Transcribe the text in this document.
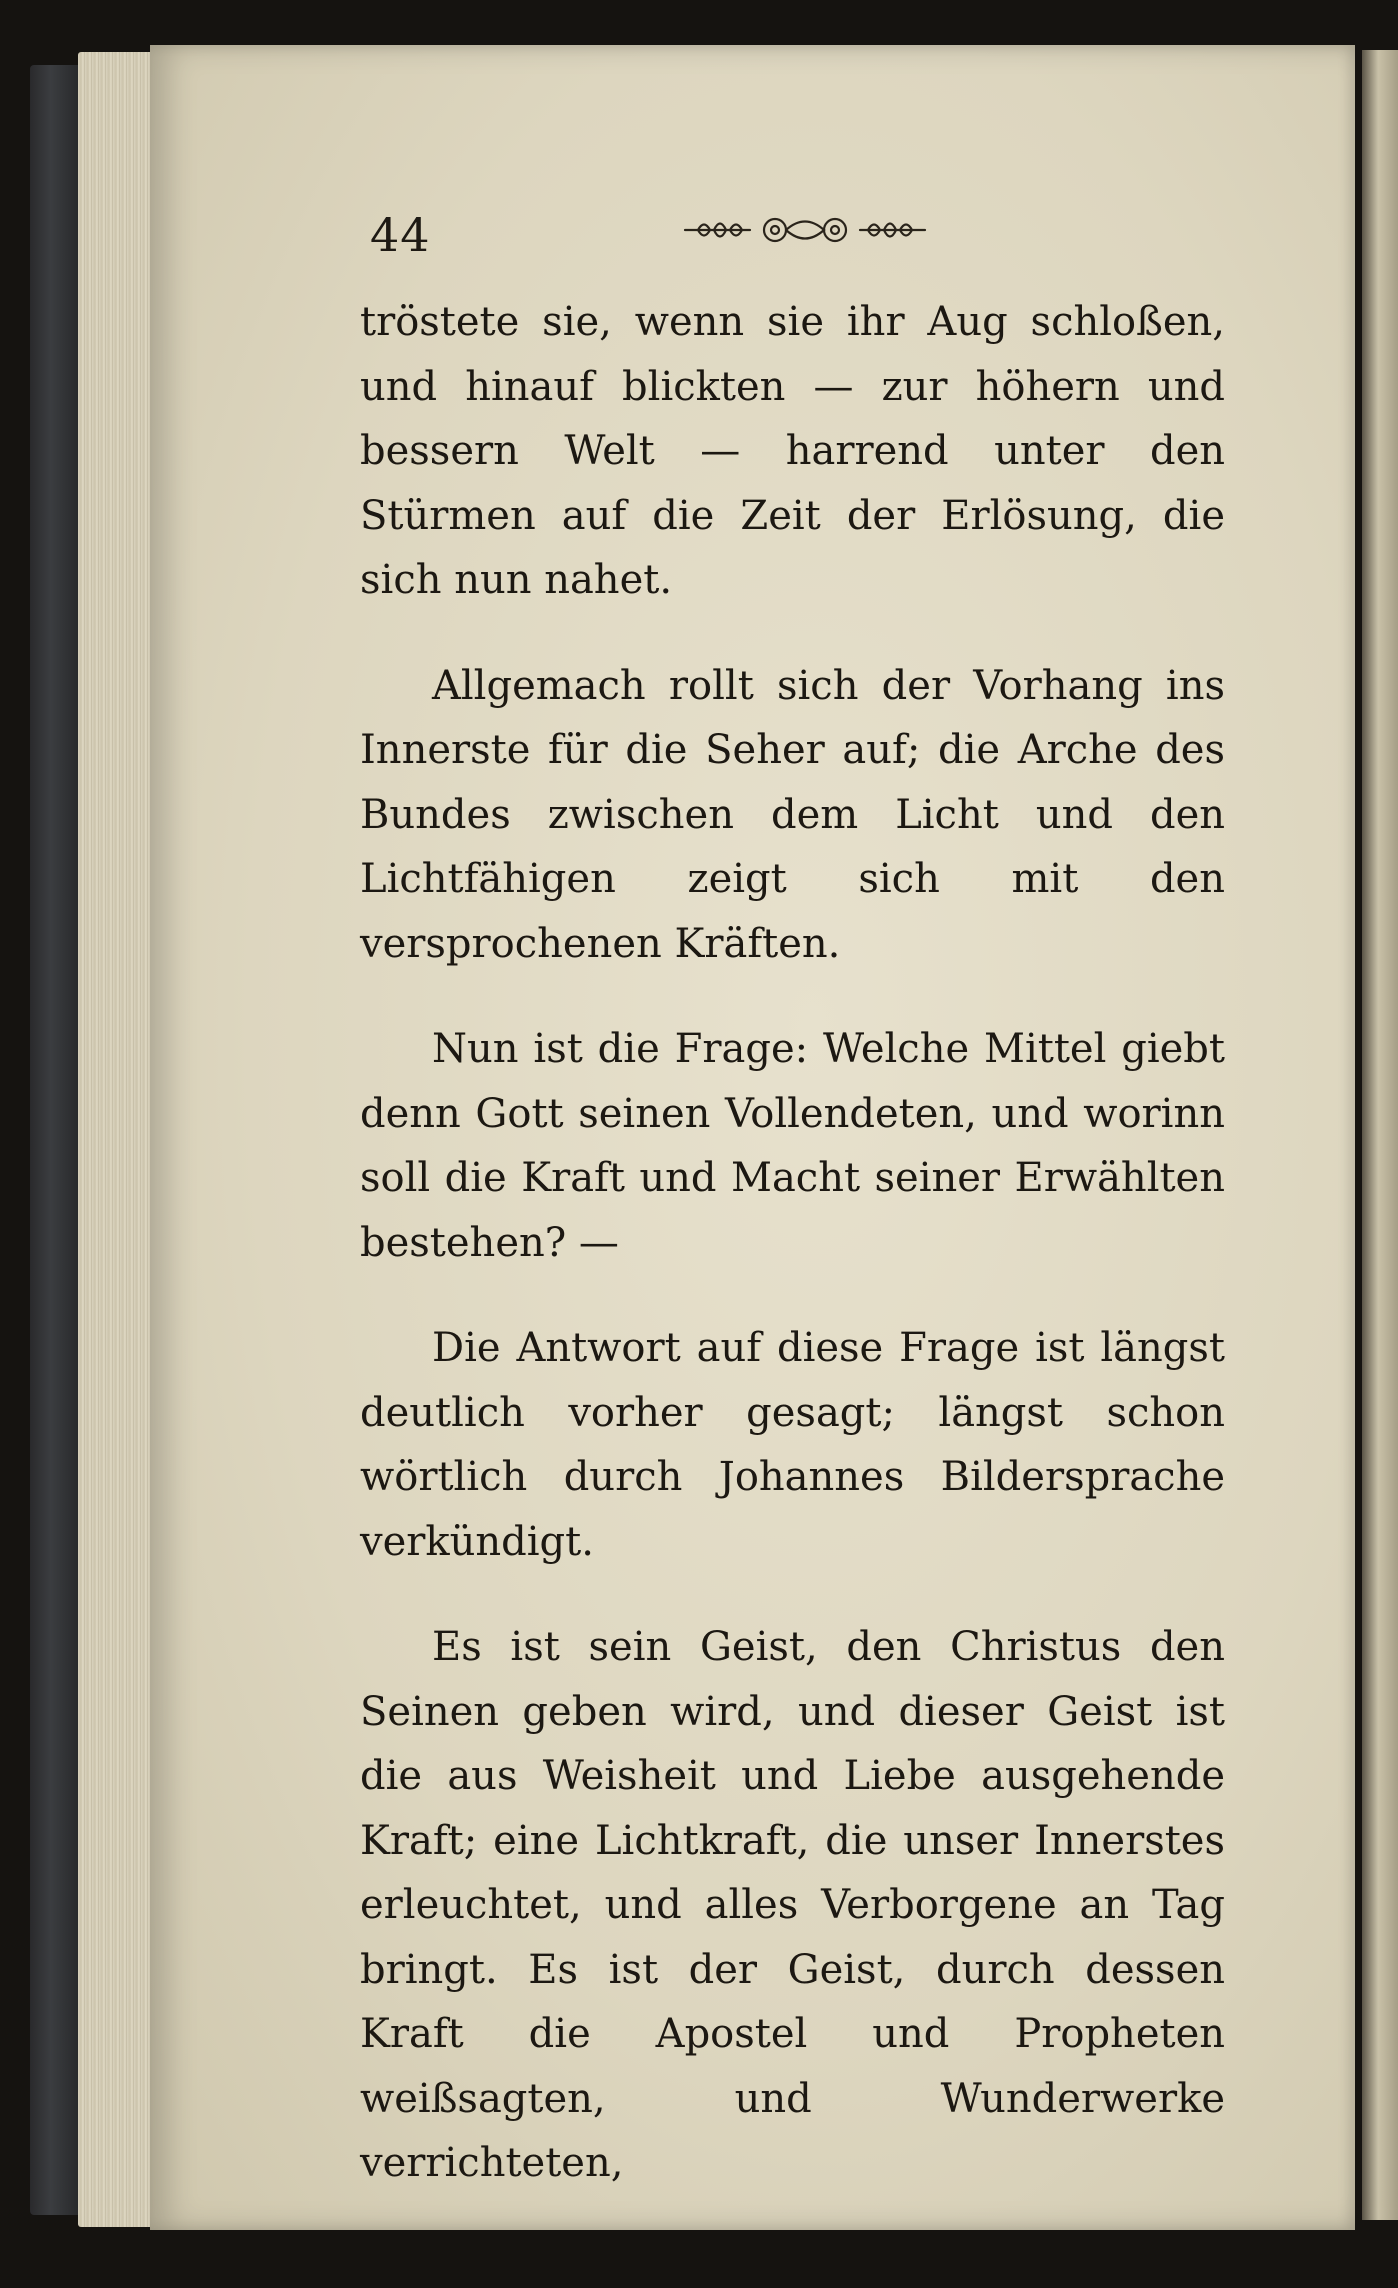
44

tröstete sie, wenn sie ihr Aug schloßen, und hinauf blickten — zur höhern und bessern Welt — harrend unter den Stürmen auf die Zeit der Erlösung, die sich nun nahet.

Allgemach rollt sich der Vorhang ins Innerste für die Seher auf; die Arche des Bundes zwischen dem Licht und den Lichtfähigen zeigt sich mit den versprochenen Kräften.

Nun ist die Frage: Welche Mittel giebt denn Gott seinen Vollendeten, und worinn soll die Kraft und Macht seiner Erwählten bestehen? —

Die Antwort auf diese Frage ist längst deutlich vorher gesagt; längst schon wörtlich durch Johannes Bildersprache verkündigt.

Es ist sein Geist, den Christus den Seinen geben wird, und dieser Geist ist die aus Weisheit und Liebe ausgehende Kraft; eine Lichtkraft, die unser Innerstes erleuchtet, und alles Verborgene an Tag bringt. Es ist der Geist, durch dessen Kraft die Apostel und Propheten weißsagten, und Wunderwerke verrichteten,
